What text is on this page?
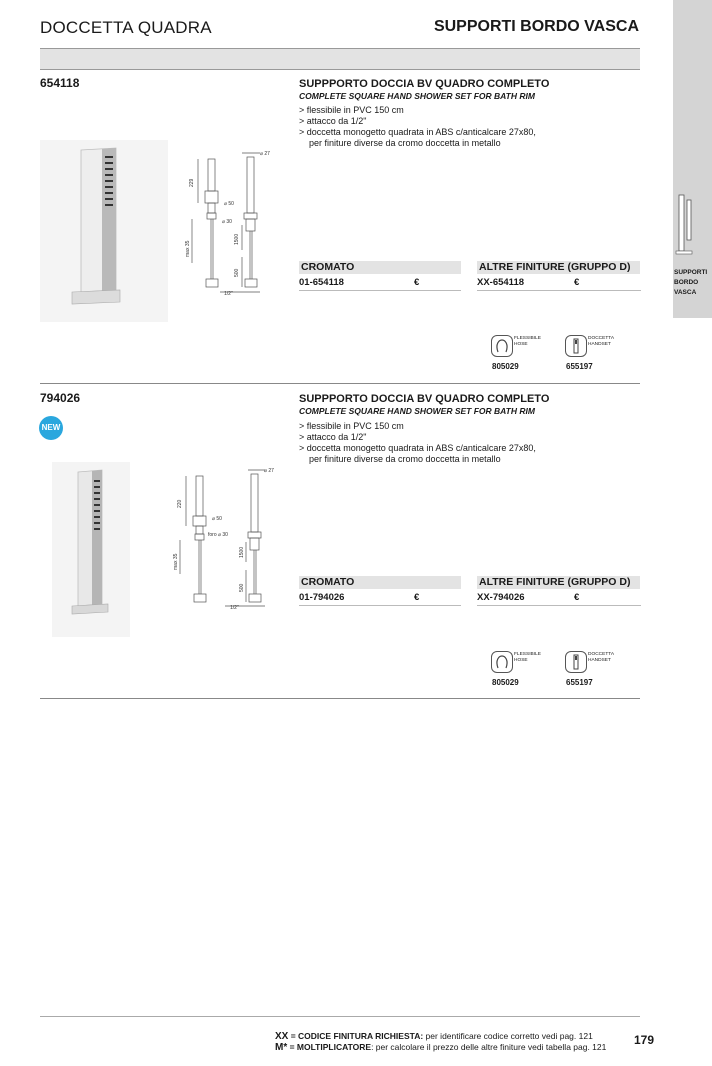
DOCCETTA QUADRA	SUPPORTI BORDO VASCA
SUPPORTI
BORDO
VASCA
654118
⌀ 27
229
⌀ 50
⌀ 30
max 35
1500
500
1/2"
SUPPPORTO DOCCIA BV QUADRO COMPLETO
COMPLETE SQUARE HAND SHOWER SET FOR BATH RIM
> flessibile in PVC 150 cm
> attacco da 1/2"
> doccetta monogetto quadrata in ABS c/anticalcare 27x80,
per finiture diverse da cromo doccetta in metallo
CROMATO
01-654118	€
ALTRE FINITURE (GRUPPO D)
XX-654118	€
FLESSIBILE
HOSE
805029
DOCCETTA
HANDSET
655197
794026
NEW
⌀ 27
220
⌀ 50
foro ⌀ 30
max 35
1500
500
1/2"
SUPPPORTO DOCCIA BV QUADRO COMPLETO
COMPLETE SQUARE HAND SHOWER SET FOR BATH RIM
> flessibile in PVC 150 cm
> attacco da 1/2"
> doccetta monogetto quadrata in ABS c/anticalcare 27x80,
per finiture diverse da cromo doccetta in metallo
CROMATO
01-794026	€
ALTRE FINITURE (GRUPPO D)
XX-794026	€
FLESSIBILE
HOSE
805029
DOCCETTA
HANDSET
655197
XX = CODICE FINITURA RICHIESTA: per identificare codice corretto vedi pag. 121
M* = MOLTIPLICATORE: per calcolare il prezzo delle altre finiture vedi tabella pag. 121	179
